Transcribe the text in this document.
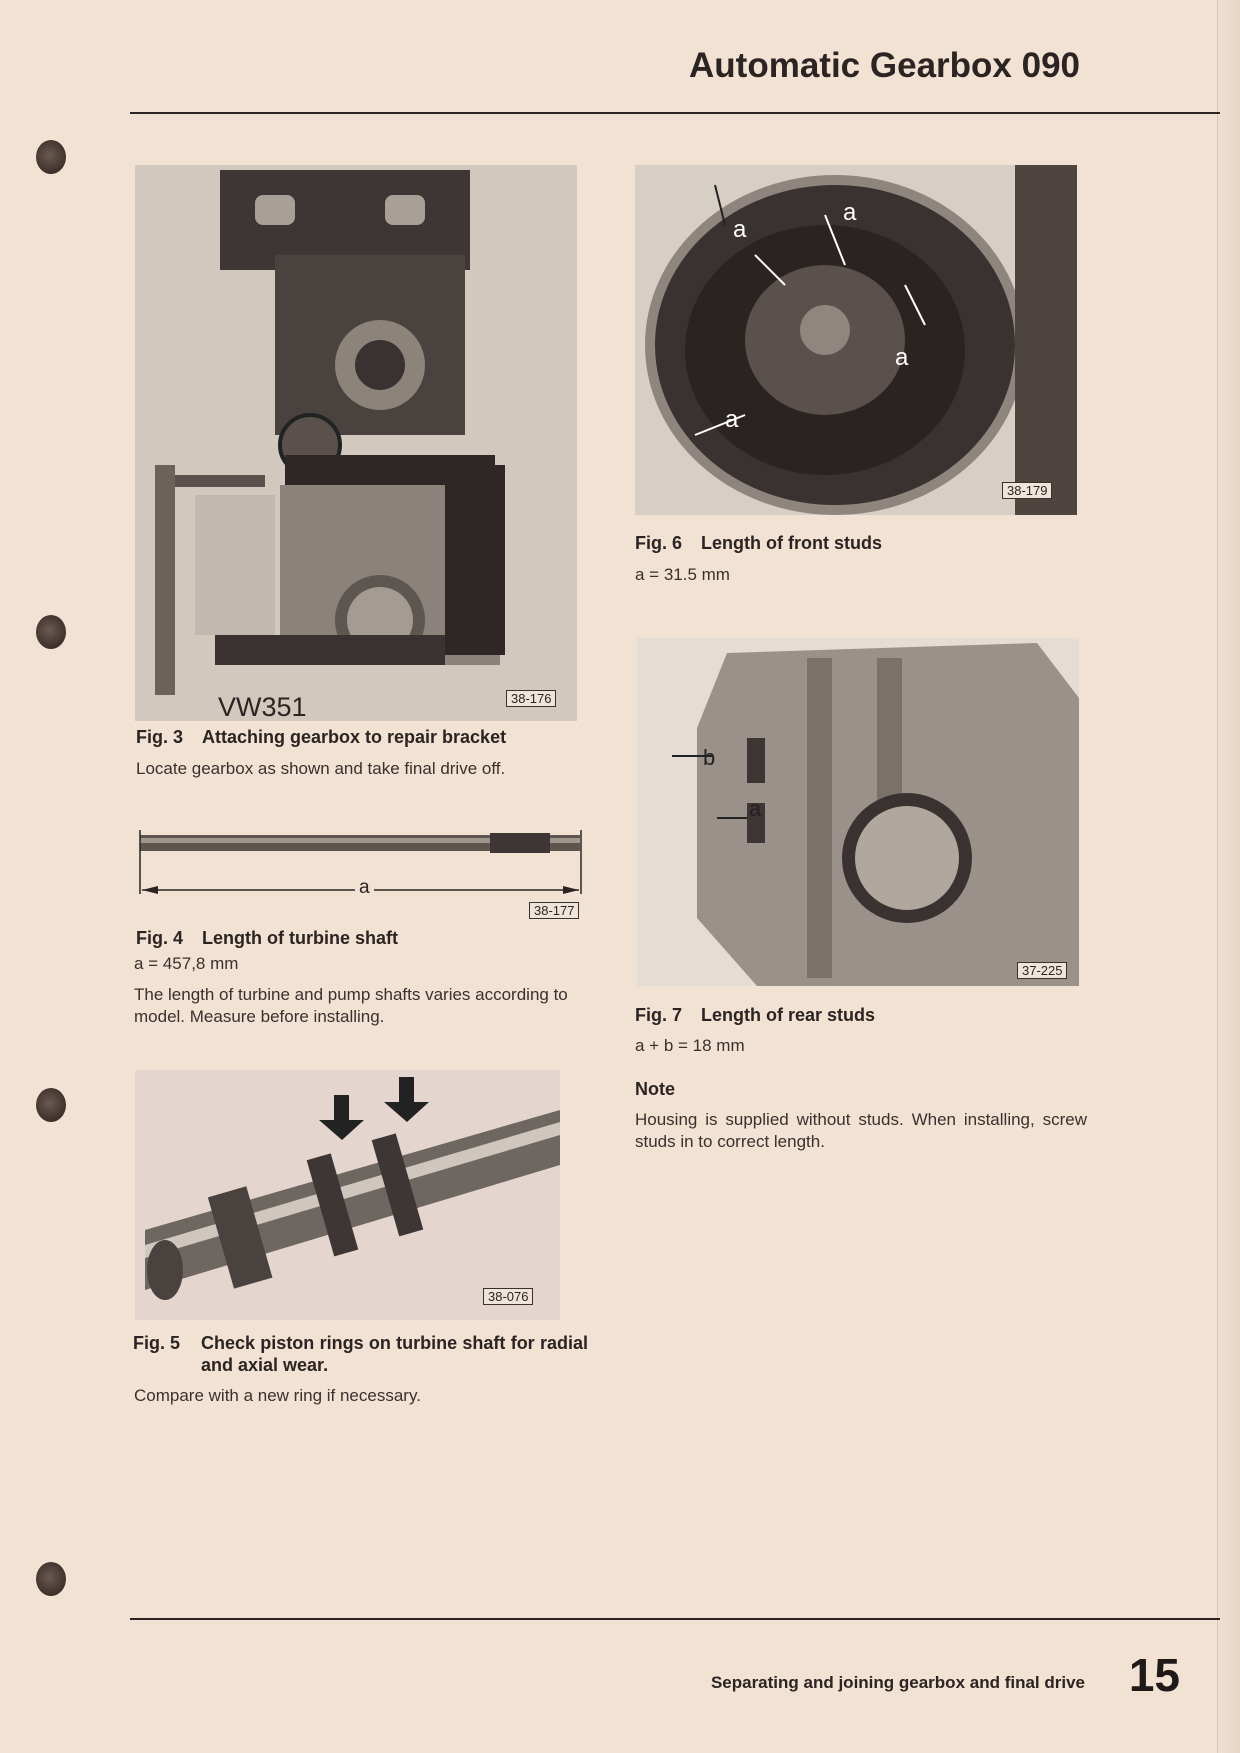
Automatic Gearbox 090
VW351	38-176
Fig. 3 Attaching gearbox to repair bracket
Locate gearbox as shown and take final drive off.
a
38-177
Fig. 4 Length of turbine shaft
a = 457,8 mm
The length of turbine and pump shafts varies according to model. Measure before installing.
38-076
Fig. 5	Check piston rings on turbine shaft for radial and axial wear.
Compare with a new ring if necessary.
a
a
a
a
38-179
Fig. 6 Length of front studs
a = 31.5 mm
b
a
37-225
Fig. 7 Length of rear studs
a + b = 18 mm
Note
Housing is supplied without studs. When installing, screw studs in to correct length.
Separating and joining gearbox and final drive 15
